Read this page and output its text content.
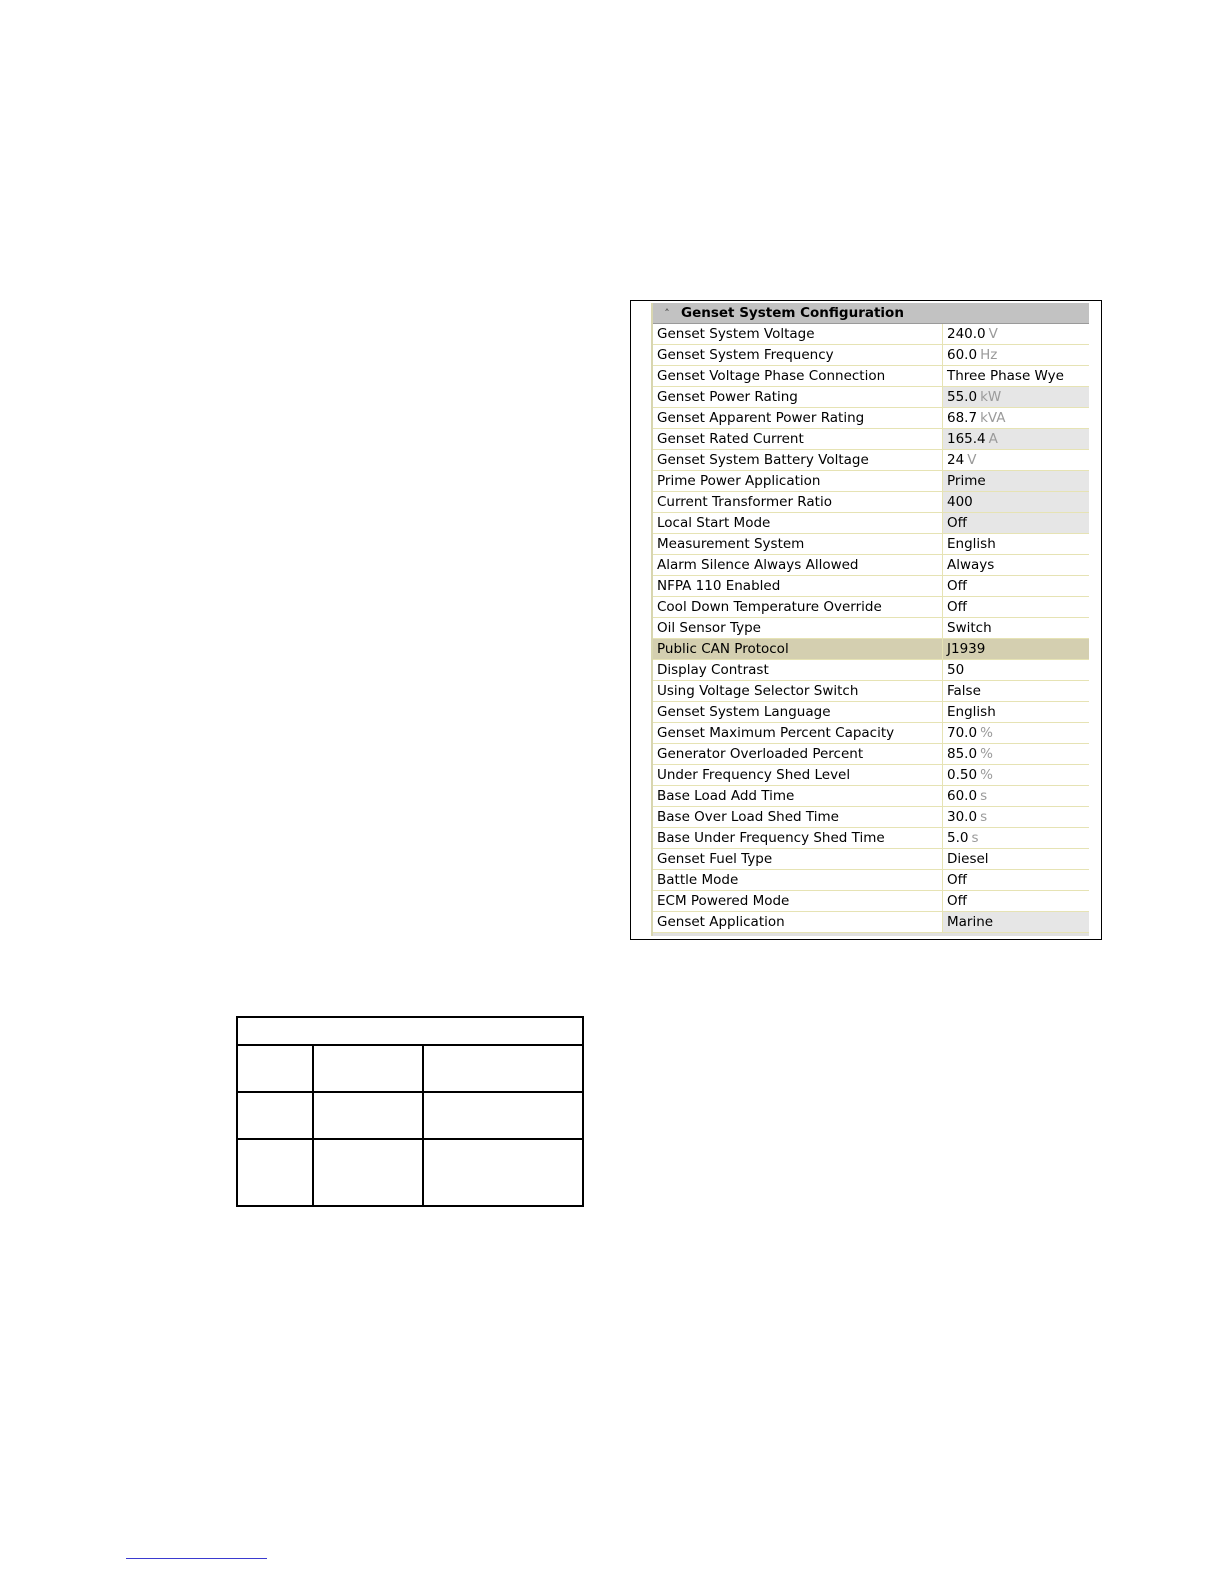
˄ Genset System Configuration
Genset System Voltage	240.0 V
Genset System Frequency	60.0 Hz
Genset Voltage Phase Connection	Three Phase Wye
Genset Power Rating	55.0 kW
Genset Apparent Power Rating	68.7 kVA
Genset Rated Current	165.4 A
Genset System Battery Voltage	24 V
Prime Power Application	Prime
Current Transformer Ratio	400
Local Start Mode	Off
Measurement System	English
Alarm Silence Always Allowed	Always
NFPA 110 Enabled	Off
Cool Down Temperature Override	Off
Oil Sensor Type	Switch
Public CAN Protocol	J1939
Display Contrast	50
Using Voltage Selector Switch	False
Genset System Language	English
Genset Maximum Percent Capacity	70.0 %
Generator Overloaded Percent	85.0 %
Under Frequency Shed Level	0.50 %
Base Load Add Time	60.0 s
Base Over Load Shed Time	30.0 s
Base Under Frequency Shed Time	5.0 s
Genset Fuel Type	Diesel
Battle Mode	Off
ECM Powered Mode	Off
Genset Application	Marine
